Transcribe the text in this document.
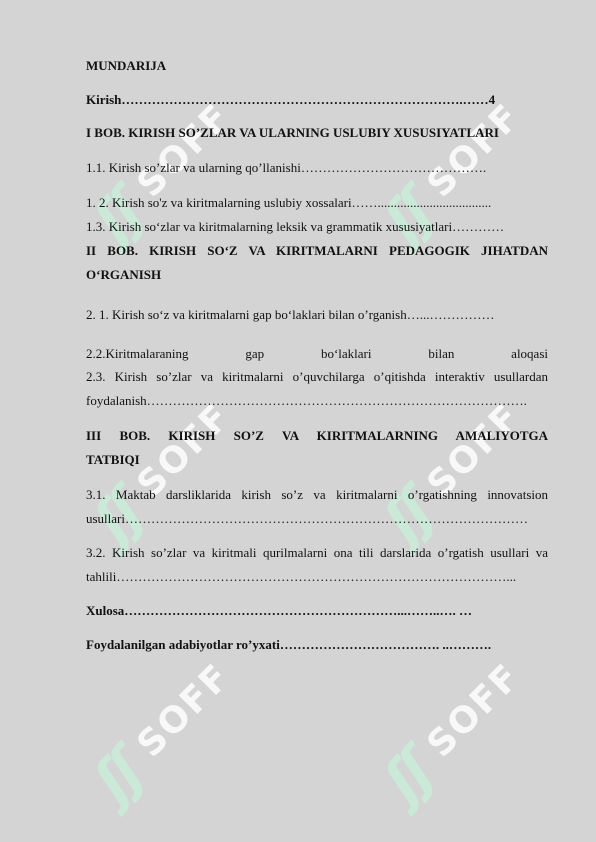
ʃʃ
SOFF
ʃʃ
SOFF
ʃʃ
SOFF
ʃʃ
SOFF
ʃʃ
SOFF
ʃʃ
SOFF
MUNDARIJA
Kirish…………………………………………………………………….……4
I BOB. KIRISH SO’ZLAR VA ULARNING USLUBIY XUSUSIYATLARI
1.1. Kirish so’zlar va ularning qo’llanishi…………………………………….
1. 2. Kirish so'z va kiritmalarning uslubiy xossalari……...................................
1.3. Kirish so‘zlar va kiritmalarning leksik va grammatik xususiyatlari…………
II BOB. KIRISH SO‘Z VA KIRITMALARNI PEDAGOGIK JIHATDAN
O‘RGANISH
2. 1. Kirish so‘z va kiritmalarni gap bo‘laklari bilan o’rganish…...……………
2.2.Kiritmalaraning	gap	bo‘laklari	bilan	aloqasi
2.3. Kirish so’zlar va kiritmalarni o’quvchilarga o’qitishda interaktiv usullardan
foydalanish…………………………………………………………………………….
III BOB. KIRISH SO’Z VA KIRITMALARNING AMALIYOTGA
TATBIQI
3.1. Maktab darsliklarida kirish so’z va kiritmalarni o’rgatishning innovatsion
usullari…………………………………………………………………………………
3.2. Kirish so’zlar va kiritmali qurilmalarni ona tili darslarida o’rgatish usullari va
tahlili………………………………………………………………………………...
Xulosa………………………………………………………...……..…. …
Foydalanilgan adabiyotlar ro’yxati………………………………. ..……….
